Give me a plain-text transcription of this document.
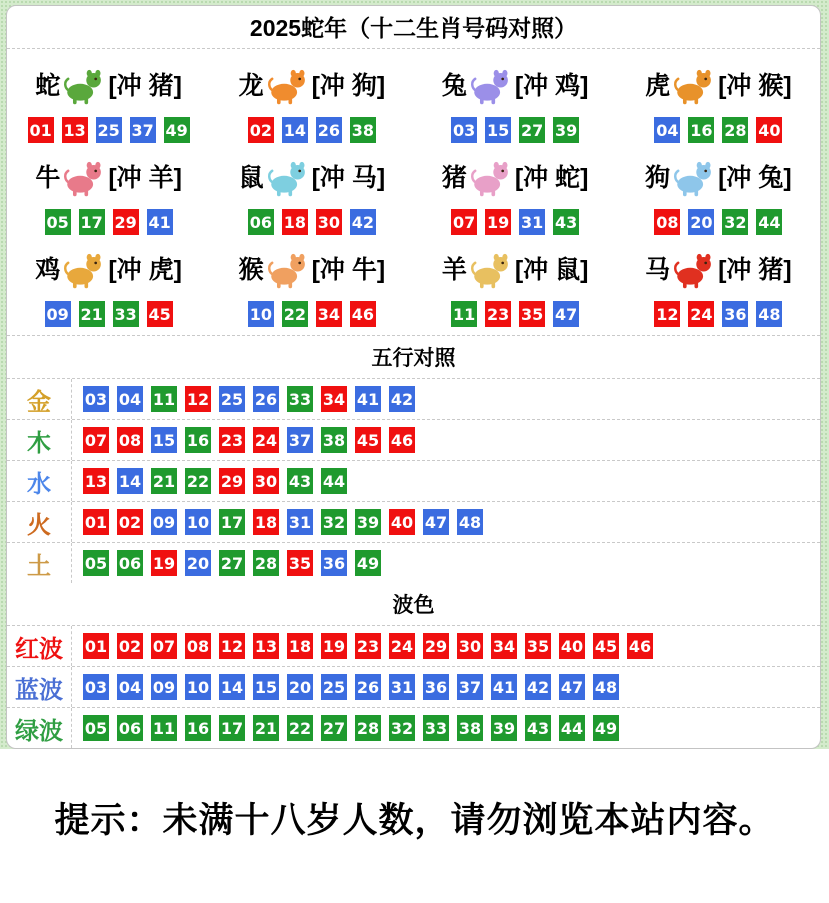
2025蛇年（十二生肖号码对照）
蛇 [冲 猪]
01 13 25 37 49
龙 [冲 狗]
02 14 26 38
兔 [冲 鸡]
03 15 27 39
虎 [冲 猴]
04 16 28 40
牛 [冲 羊]
05 17 29 41
鼠 [冲 马]
06 18 30 42
猪 [冲 蛇]
07 19 31 43
狗 [冲 兔]
08 20 32 44
鸡 [冲 虎]
09 21 33 45
猴 [冲 牛]
10 22 34 46
羊 [冲 鼠]
11 23 35 47
马 [冲 猪]
12 24 36 48
五行对照
金	03 04 11 12 25 26 33 34 41 42
木	07 08 15 16 23 24 37 38 45 46
水	13 14 21 22 29 30 43 44
火	01 02 09 10 17 18 31 32 39 40 47 48
土	05 06 19 20 27 28 35 36 49
波色
红波	01 02 07 08 12 13 18 19 23 24 29 30 34 35 40 45 46
蓝波	03 04 09 10 14 15 20 25 26 31 36 37 41 42 47 48
绿波	05 06 11 16 17 21 22 27 28 32 33 38 39 43 44 49
提示：未满十八岁人数，请勿浏览本站内容。
